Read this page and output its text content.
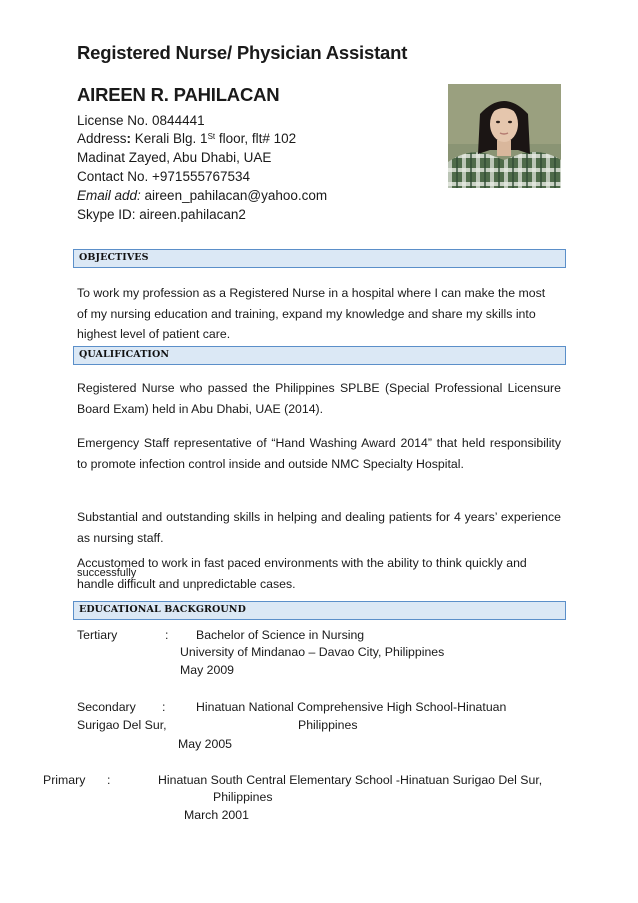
Registered Nurse/ Physician Assistant
AIREEN R. PAHILACAN
License No. 0844441
Address: Kerali Blg. 1St floor, flt# 102
Madinat Zayed, Abu Dhabi, UAE
Contact No. +971555767534
Email add: aireen_pahilacan@yahoo.com
Skype ID: aireen.pahilacan2
OBJECTIVES
To work my profession as a Registered Nurse in a hospital where I can make the most of my nursing education and training, expand my knowledge and share my skills into highest level of patient care.
QUALIFICATION
Registered Nurse who passed the Philippines SPLBE (Special Professional Licensure Board Exam) held in Abu Dhabi, UAE (2014).
Emergency Staff representative of “Hand Washing Award 2014” that held responsibility to promote infection control inside and outside NMC Specialty Hospital.
Substantial and outstanding skills in helping and dealing patients for 4 years’ experience as nursing staff.
Accustomed to work in fast paced environments with the ability to think quickly and
successfully
handle difficult and unpredictable cases.
EDUCATIONAL BACKGROUND
Tertiary	: Bachelor of Science in Nursing
University of Mindanao – Davao City, Philippines
May 2009
Secondary : Hinatuan National Comprehensive High School-Hinatuan
Surigao Del Sur,	Philippines
May 2005
Primary :	Hinatuan South Central Elementary School -Hinatuan Surigao Del Sur,
Philippines
March 2001
